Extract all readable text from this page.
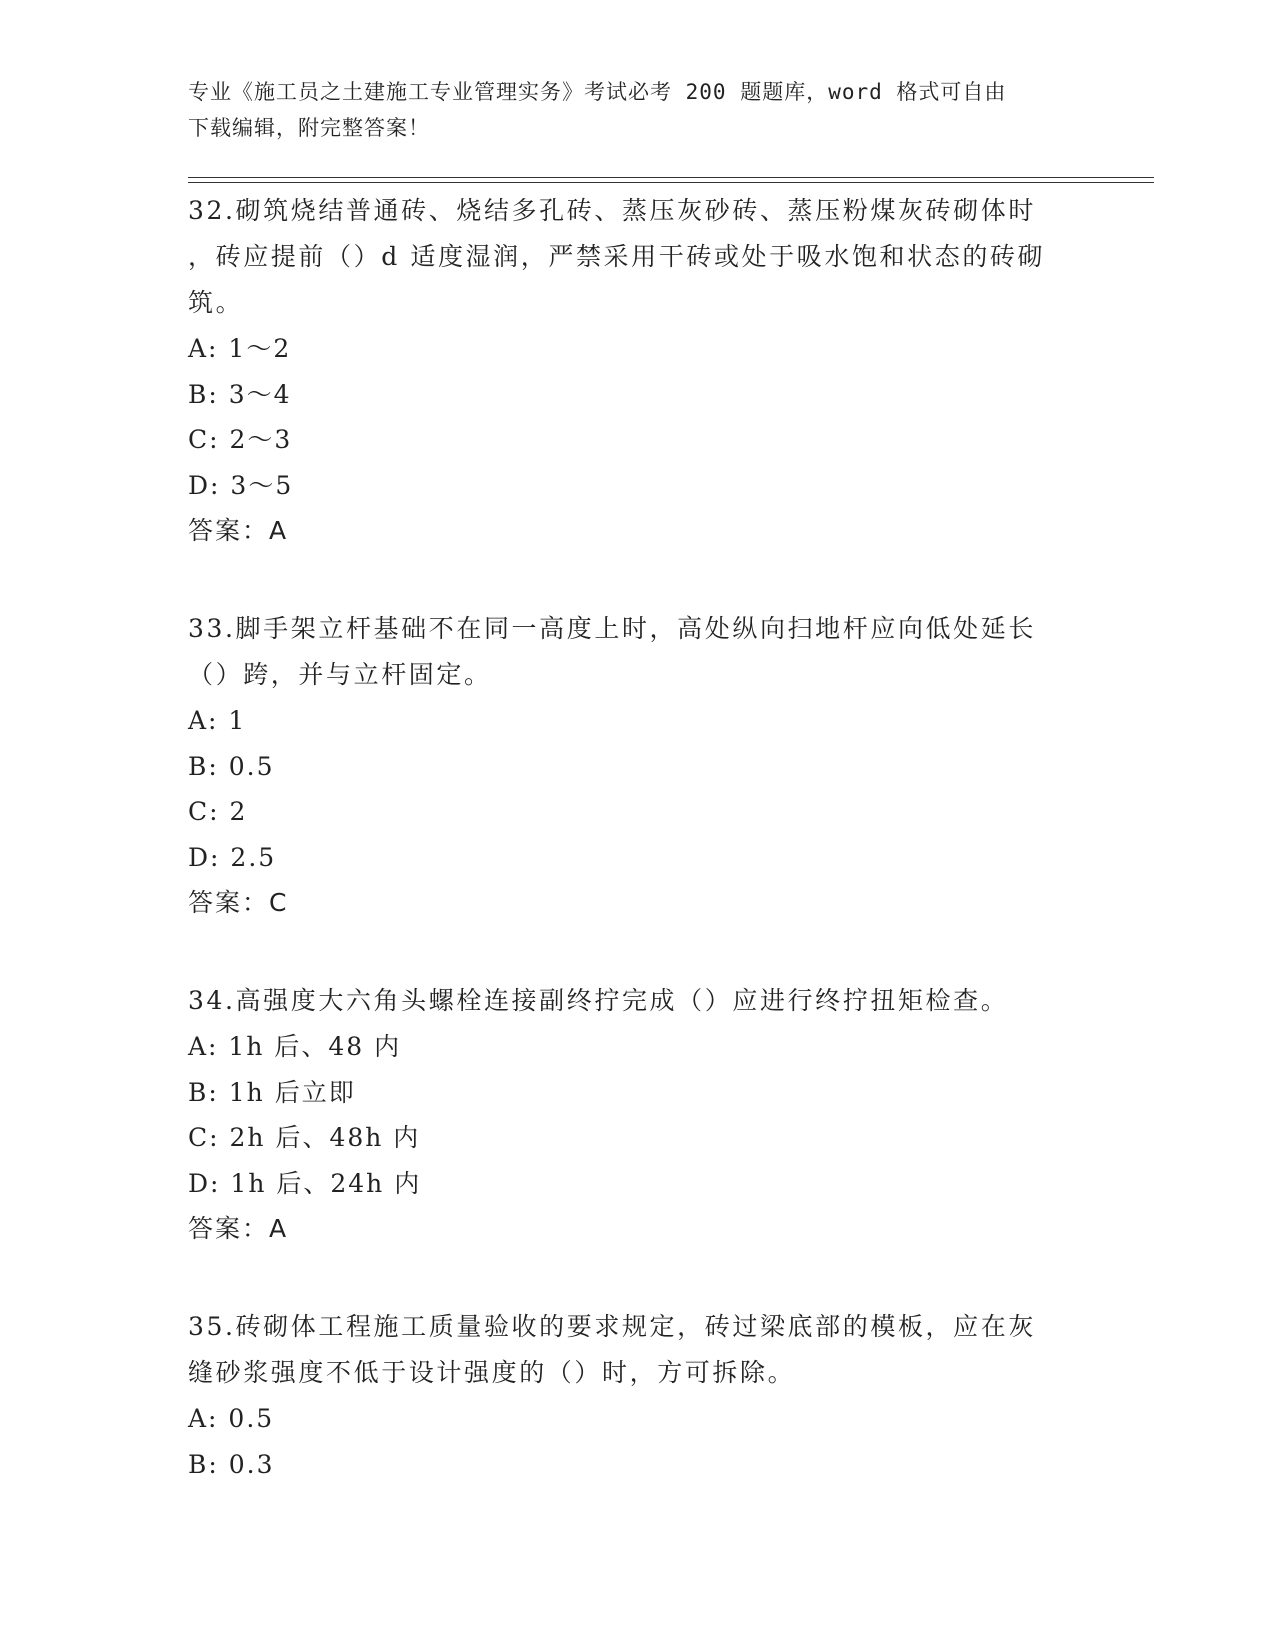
专业《施工员之土建施工专业管理实务》考试必考 200 题题库，word 格式可自由
下载编辑，附完整答案！
32.砌筑烧结普通砖、烧结多孔砖、蒸压灰砂砖、蒸压粉煤灰砖砌体时
，砖应提前（）d 适度湿润，严禁采用干砖或处于吸水饱和状态的砖砌
筑。
A: 1～2
B: 3～4
C: 2～3
D: 3～5
答案：A
33.脚手架立杆基础不在同一高度上时，高处纵向扫地杆应向低处延长
（）跨，并与立杆固定。
A: 1
B: 0.5
C: 2
D: 2.5
答案：C
34.高强度大六角头螺栓连接副终拧完成（）应进行终拧扭矩检查。
A: 1h 后、48 内
B: 1h 后立即
C: 2h 后、48h 内
D: 1h 后、24h 内
答案：A
35.砖砌体工程施工质量验收的要求规定，砖过梁底部的模板，应在灰
缝砂浆强度不低于设计强度的（）时，方可拆除。
A: 0.5
B: 0.3
